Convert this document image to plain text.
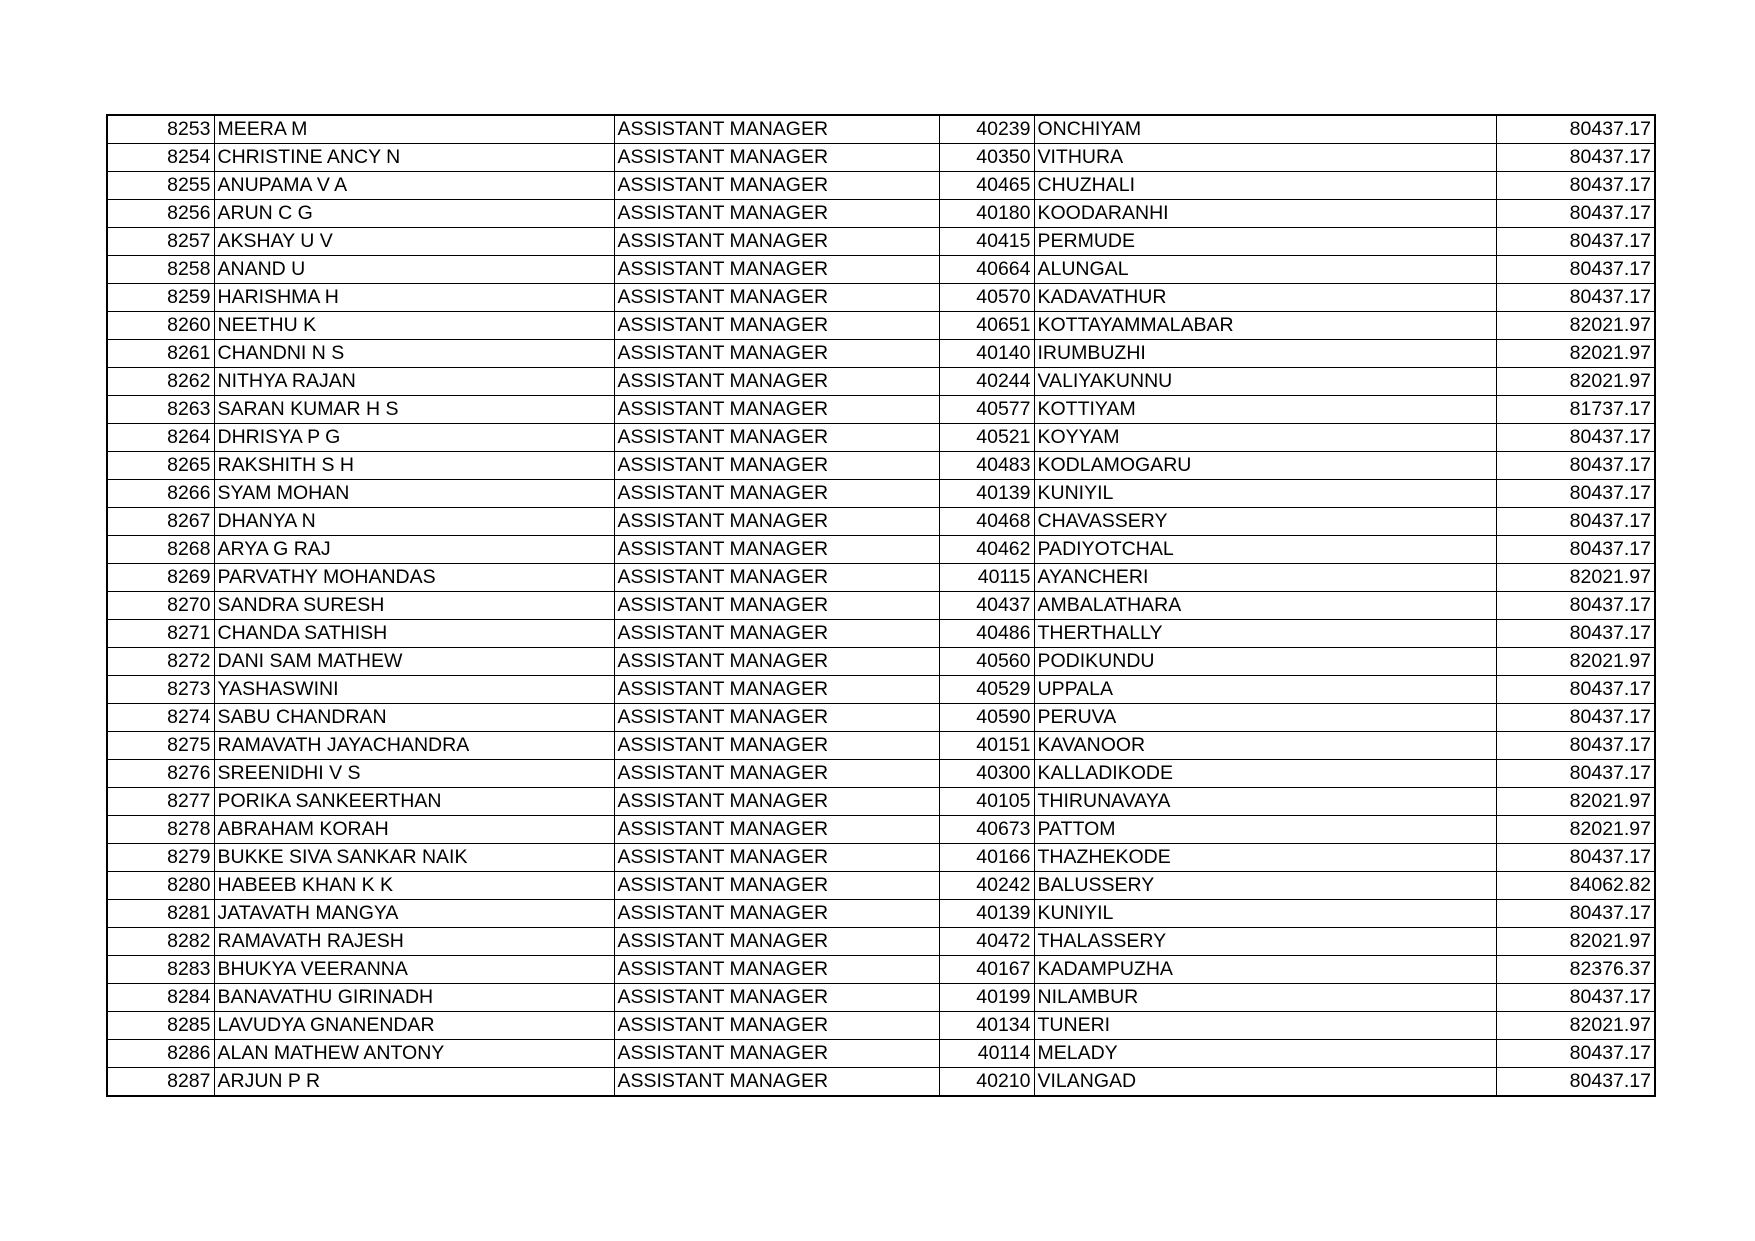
8253	MEERA M	ASSISTANT MANAGER	40239	ONCHIYAM	80437.17
8254	CHRISTINE ANCY N	ASSISTANT MANAGER	40350	VITHURA	80437.17
8255	ANUPAMA V A	ASSISTANT MANAGER	40465	CHUZHALI	80437.17
8256	ARUN C G	ASSISTANT MANAGER	40180	KOODARANHI	80437.17
8257	AKSHAY U V	ASSISTANT MANAGER	40415	PERMUDE	80437.17
8258	ANAND U	ASSISTANT MANAGER	40664	ALUNGAL	80437.17
8259	HARISHMA H	ASSISTANT MANAGER	40570	KADAVATHUR	80437.17
8260	NEETHU K	ASSISTANT MANAGER	40651	KOTTAYAMMALABAR	82021.97
8261	CHANDNI N S	ASSISTANT MANAGER	40140	IRUMBUZHI	82021.97
8262	NITHYA RAJAN	ASSISTANT MANAGER	40244	VALIYAKUNNU	82021.97
8263	SARAN KUMAR H S	ASSISTANT MANAGER	40577	KOTTIYAM	81737.17
8264	DHRISYA P G	ASSISTANT MANAGER	40521	KOYYAM	80437.17
8265	RAKSHITH S H	ASSISTANT MANAGER	40483	KODLAMOGARU	80437.17
8266	SYAM MOHAN	ASSISTANT MANAGER	40139	KUNIYIL	80437.17
8267	DHANYA N	ASSISTANT MANAGER	40468	CHAVASSERY	80437.17
8268	ARYA G RAJ	ASSISTANT MANAGER	40462	PADIYOTCHAL	80437.17
8269	PARVATHY MOHANDAS	ASSISTANT MANAGER	40115	AYANCHERI	82021.97
8270	SANDRA SURESH	ASSISTANT MANAGER	40437	AMBALATHARA	80437.17
8271	CHANDA SATHISH	ASSISTANT MANAGER	40486	THERTHALLY	80437.17
8272	DANI SAM MATHEW	ASSISTANT MANAGER	40560	PODIKUNDU	82021.97
8273	YASHASWINI	ASSISTANT MANAGER	40529	UPPALA	80437.17
8274	SABU CHANDRAN	ASSISTANT MANAGER	40590	PERUVA	80437.17
8275	RAMAVATH JAYACHANDRA	ASSISTANT MANAGER	40151	KAVANOOR	80437.17
8276	SREENIDHI V S	ASSISTANT MANAGER	40300	KALLADIKODE	80437.17
8277	PORIKA SANKEERTHAN	ASSISTANT MANAGER	40105	THIRUNAVAYA	82021.97
8278	ABRAHAM KORAH	ASSISTANT MANAGER	40673	PATTOM	82021.97
8279	BUKKE SIVA SANKAR NAIK	ASSISTANT MANAGER	40166	THAZHEKODE	80437.17
8280	HABEEB KHAN K K	ASSISTANT MANAGER	40242	BALUSSERY	84062.82
8281	JATAVATH MANGYA	ASSISTANT MANAGER	40139	KUNIYIL	80437.17
8282	RAMAVATH RAJESH	ASSISTANT MANAGER	40472	THALASSERY	82021.97
8283	BHUKYA VEERANNA	ASSISTANT MANAGER	40167	KADAMPUZHA	82376.37
8284	BANAVATHU GIRINADH	ASSISTANT MANAGER	40199	NILAMBUR	80437.17
8285	LAVUDYA GNANENDAR	ASSISTANT MANAGER	40134	TUNERI	82021.97
8286	ALAN MATHEW ANTONY	ASSISTANT MANAGER	40114	MELADY	80437.17
8287	ARJUN P R	ASSISTANT MANAGER	40210	VILANGAD	80437.17
